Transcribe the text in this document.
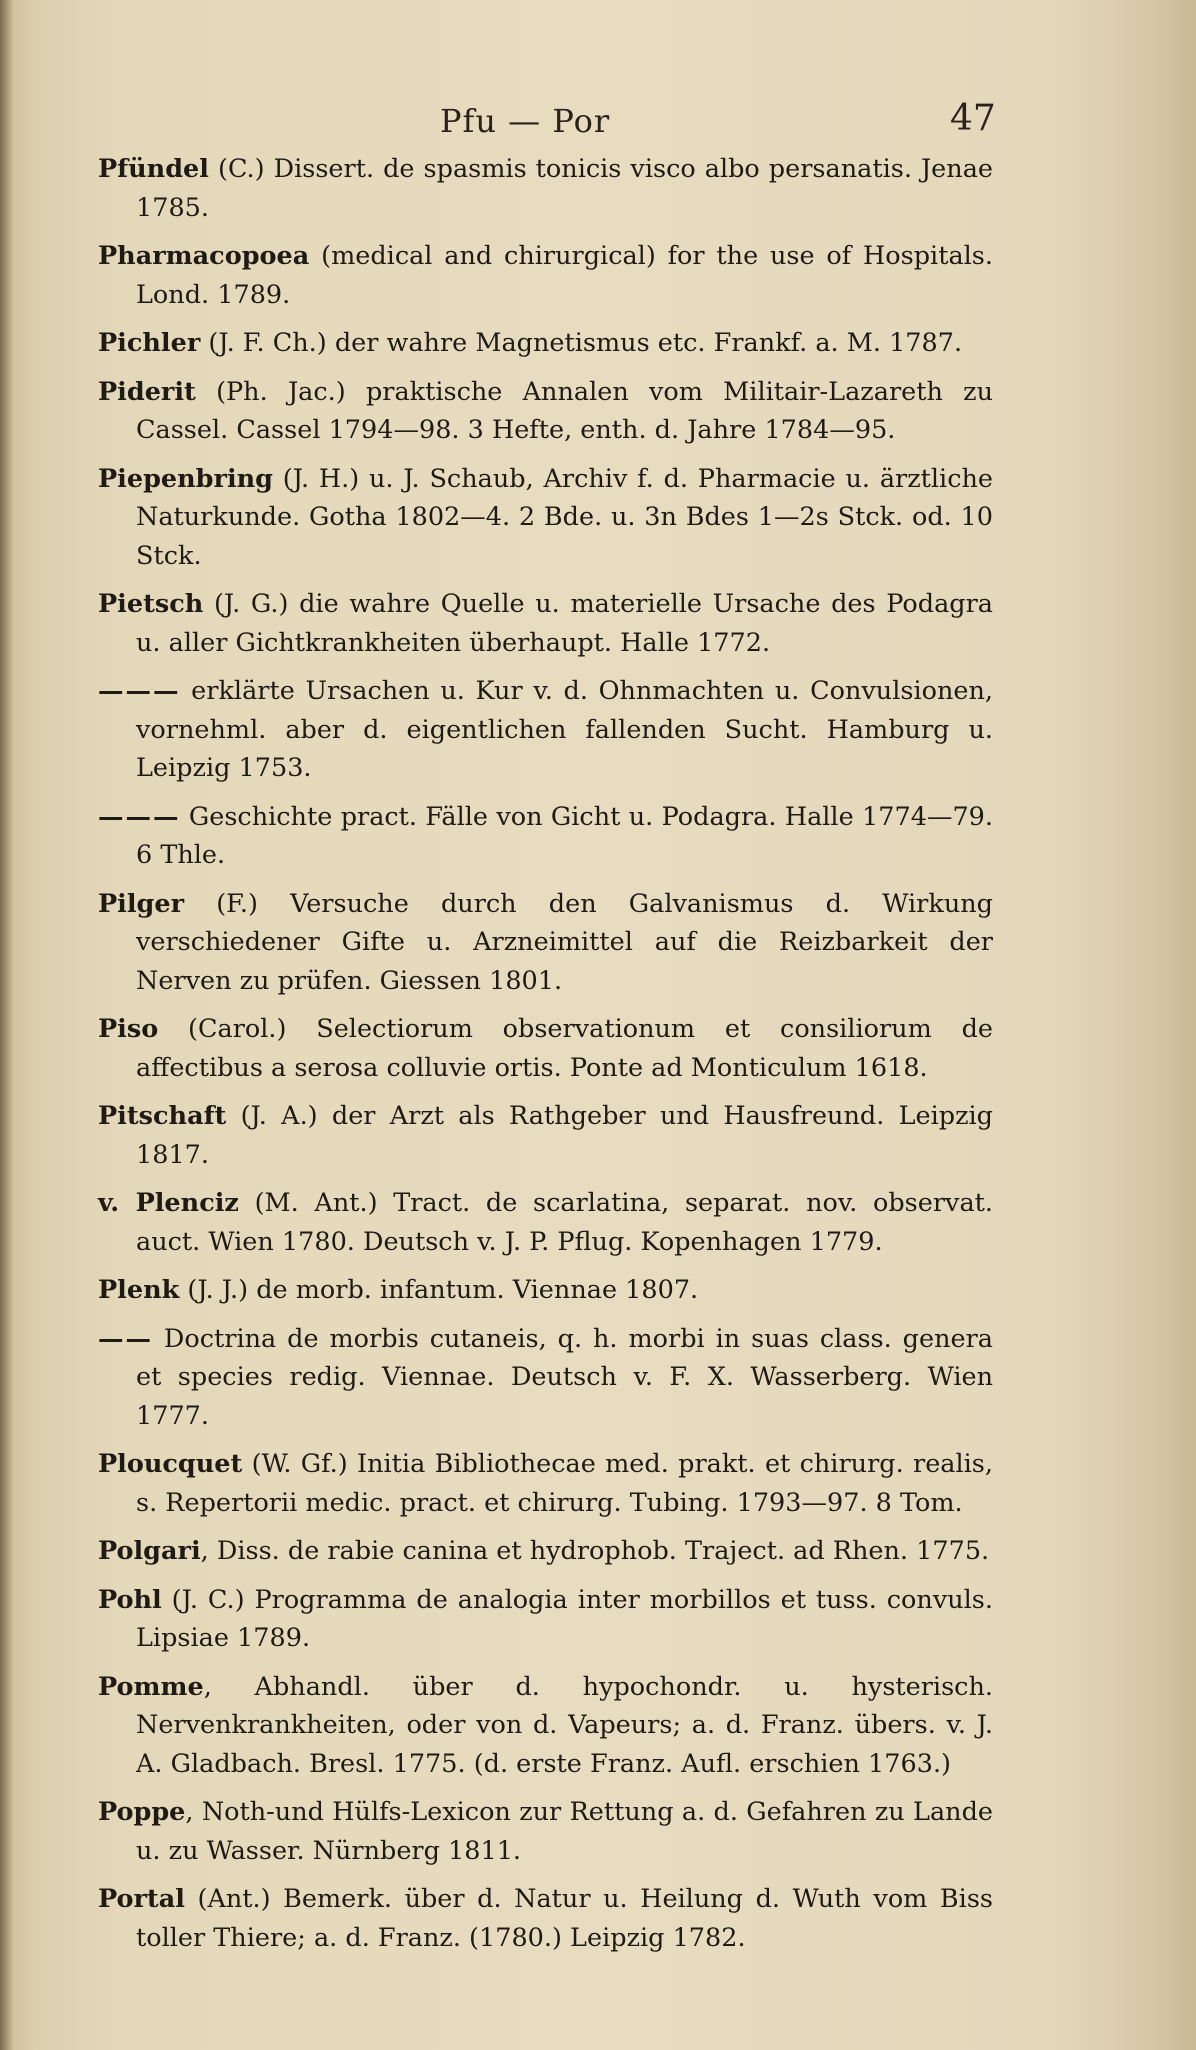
Pfu — Por	47

Pfündel (C.) Dissert. de spasmis tonicis visco albo persanatis. Jenae 1785.

Pharmacopoea (medical and chirurgical) for the use of Hospitals. Lond. 1789.

Pichler (J. F. Ch.) der wahre Magnetismus etc. Frankf. a. M. 1787.

Piderit (Ph. Jac.) praktische Annalen vom Militair-Lazareth zu Cassel. Cassel 1794—98. 3 Hefte, enth. d. Jahre 1784—95.

Piepenbring (J. H.) u. J. Schaub, Archiv f. d. Pharmacie u. ärztliche Naturkunde. Gotha 1802—4. 2 Bde. u. 3n Bdes 1—2s Stck. od. 10 Stck.

Pietsch (J. G.) die wahre Quelle u. materielle Ursache des Podagra u. aller Gichtkrankheiten überhaupt. Halle 1772.

——— erklärte Ursachen u. Kur v. d. Ohnmachten u. Convulsionen, vornehml. aber d. eigentlichen fallenden Sucht. Hamburg u. Leipzig 1753.

——— Geschichte pract. Fälle von Gicht u. Podagra. Halle 1774—79. 6 Thle.

Pilger (F.) Versuche durch den Galvanismus d. Wirkung verschiedener Gifte u. Arzneimittel auf die Reizbarkeit der Nerven zu prüfen. Giessen 1801.

Piso (Carol.) Selectiorum observationum et consiliorum de affectibus a serosa colluvie ortis. Ponte ad Monticulum 1618.

Pitschaft (J. A.) der Arzt als Rathgeber und Hausfreund. Leipzig 1817.

v. Plenciz (M. Ant.) Tract. de scarlatina, separat. nov. observat. auct. Wien 1780. Deutsch v. J. P. Pflug. Kopenhagen 1779.

Plenk (J. J.) de morb. infantum. Viennae 1807.

—— Doctrina de morbis cutaneis, q. h. morbi in suas class. genera et species redig. Viennae. Deutsch v. F. X. Wasserberg. Wien 1777.

Ploucquet (W. Gf.) Initia Bibliothecae med. prakt. et chirurg. realis, s. Repertorii medic. pract. et chirurg. Tubing. 1793—97. 8 Tom.

Polgari, Diss. de rabie canina et hydrophob. Traject. ad Rhen. 1775.

Pohl (J. C.) Programma de analogia inter morbillos et tuss. convuls. Lipsiae 1789.

Pomme, Abhandl. über d. hypochondr. u. hysterisch. Nervenkrankheiten, oder von d. Vapeurs; a. d. Franz. übers. v. J. A. Gladbach. Bresl. 1775. (d. erste Franz. Aufl. erschien 1763.)

Poppe, Noth-und Hülfs-Lexicon zur Rettung a. d. Gefahren zu Lande u. zu Wasser. Nürnberg 1811.

Portal (Ant.) Bemerk. über d. Natur u. Heilung d. Wuth vom Biss toller Thiere; a. d. Franz. (1780.) Leipzig 1782.
